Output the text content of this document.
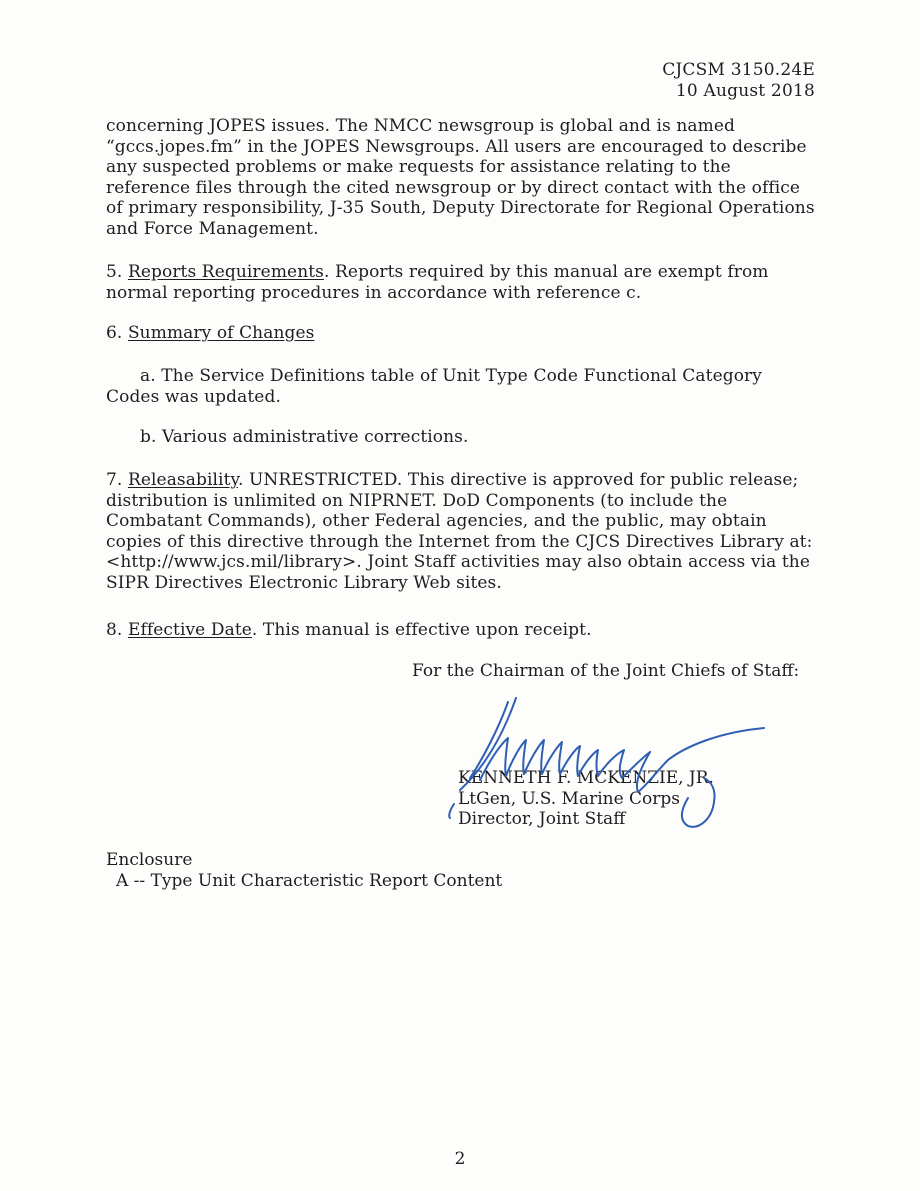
CJCSM 3150.24E
10 August 2018
concerning JOPES issues. The NMCC newsgroup is global and is named “gccs.jopes.fm” in the JOPES Newsgroups. All users are encouraged to describe any suspected problems or make requests for assistance relating to the reference files through the cited newsgroup or by direct contact with the office of primary responsibility, J-35 South, Deputy Directorate for Regional Operations and Force Management.
5. Reports Requirements. Reports required by this manual are exempt from normal reporting procedures in accordance with reference c.
6. Summary of Changes
a. The Service Definitions table of Unit Type Code Functional Category Codes was updated.
b. Various administrative corrections.
7. Releasability. UNRESTRICTED. This directive is approved for public release; distribution is unlimited on NIPRNET. DoD Components (to include the Combatant Commands), other Federal agencies, and the public, may obtain copies of this directive through the Internet from the CJCS Directives Library at: <http://www.jcs.mil/library>. Joint Staff activities may also obtain access via the SIPR Directives Electronic Library Web sites.
8. Effective Date. This manual is effective upon receipt.
For the Chairman of the Joint Chiefs of Staff:
KENNETH F. MCKENZIE, JR.
LtGen, U.S. Marine Corps
Director, Joint Staff
Enclosure
A -- Type Unit Characteristic Report Content
2
